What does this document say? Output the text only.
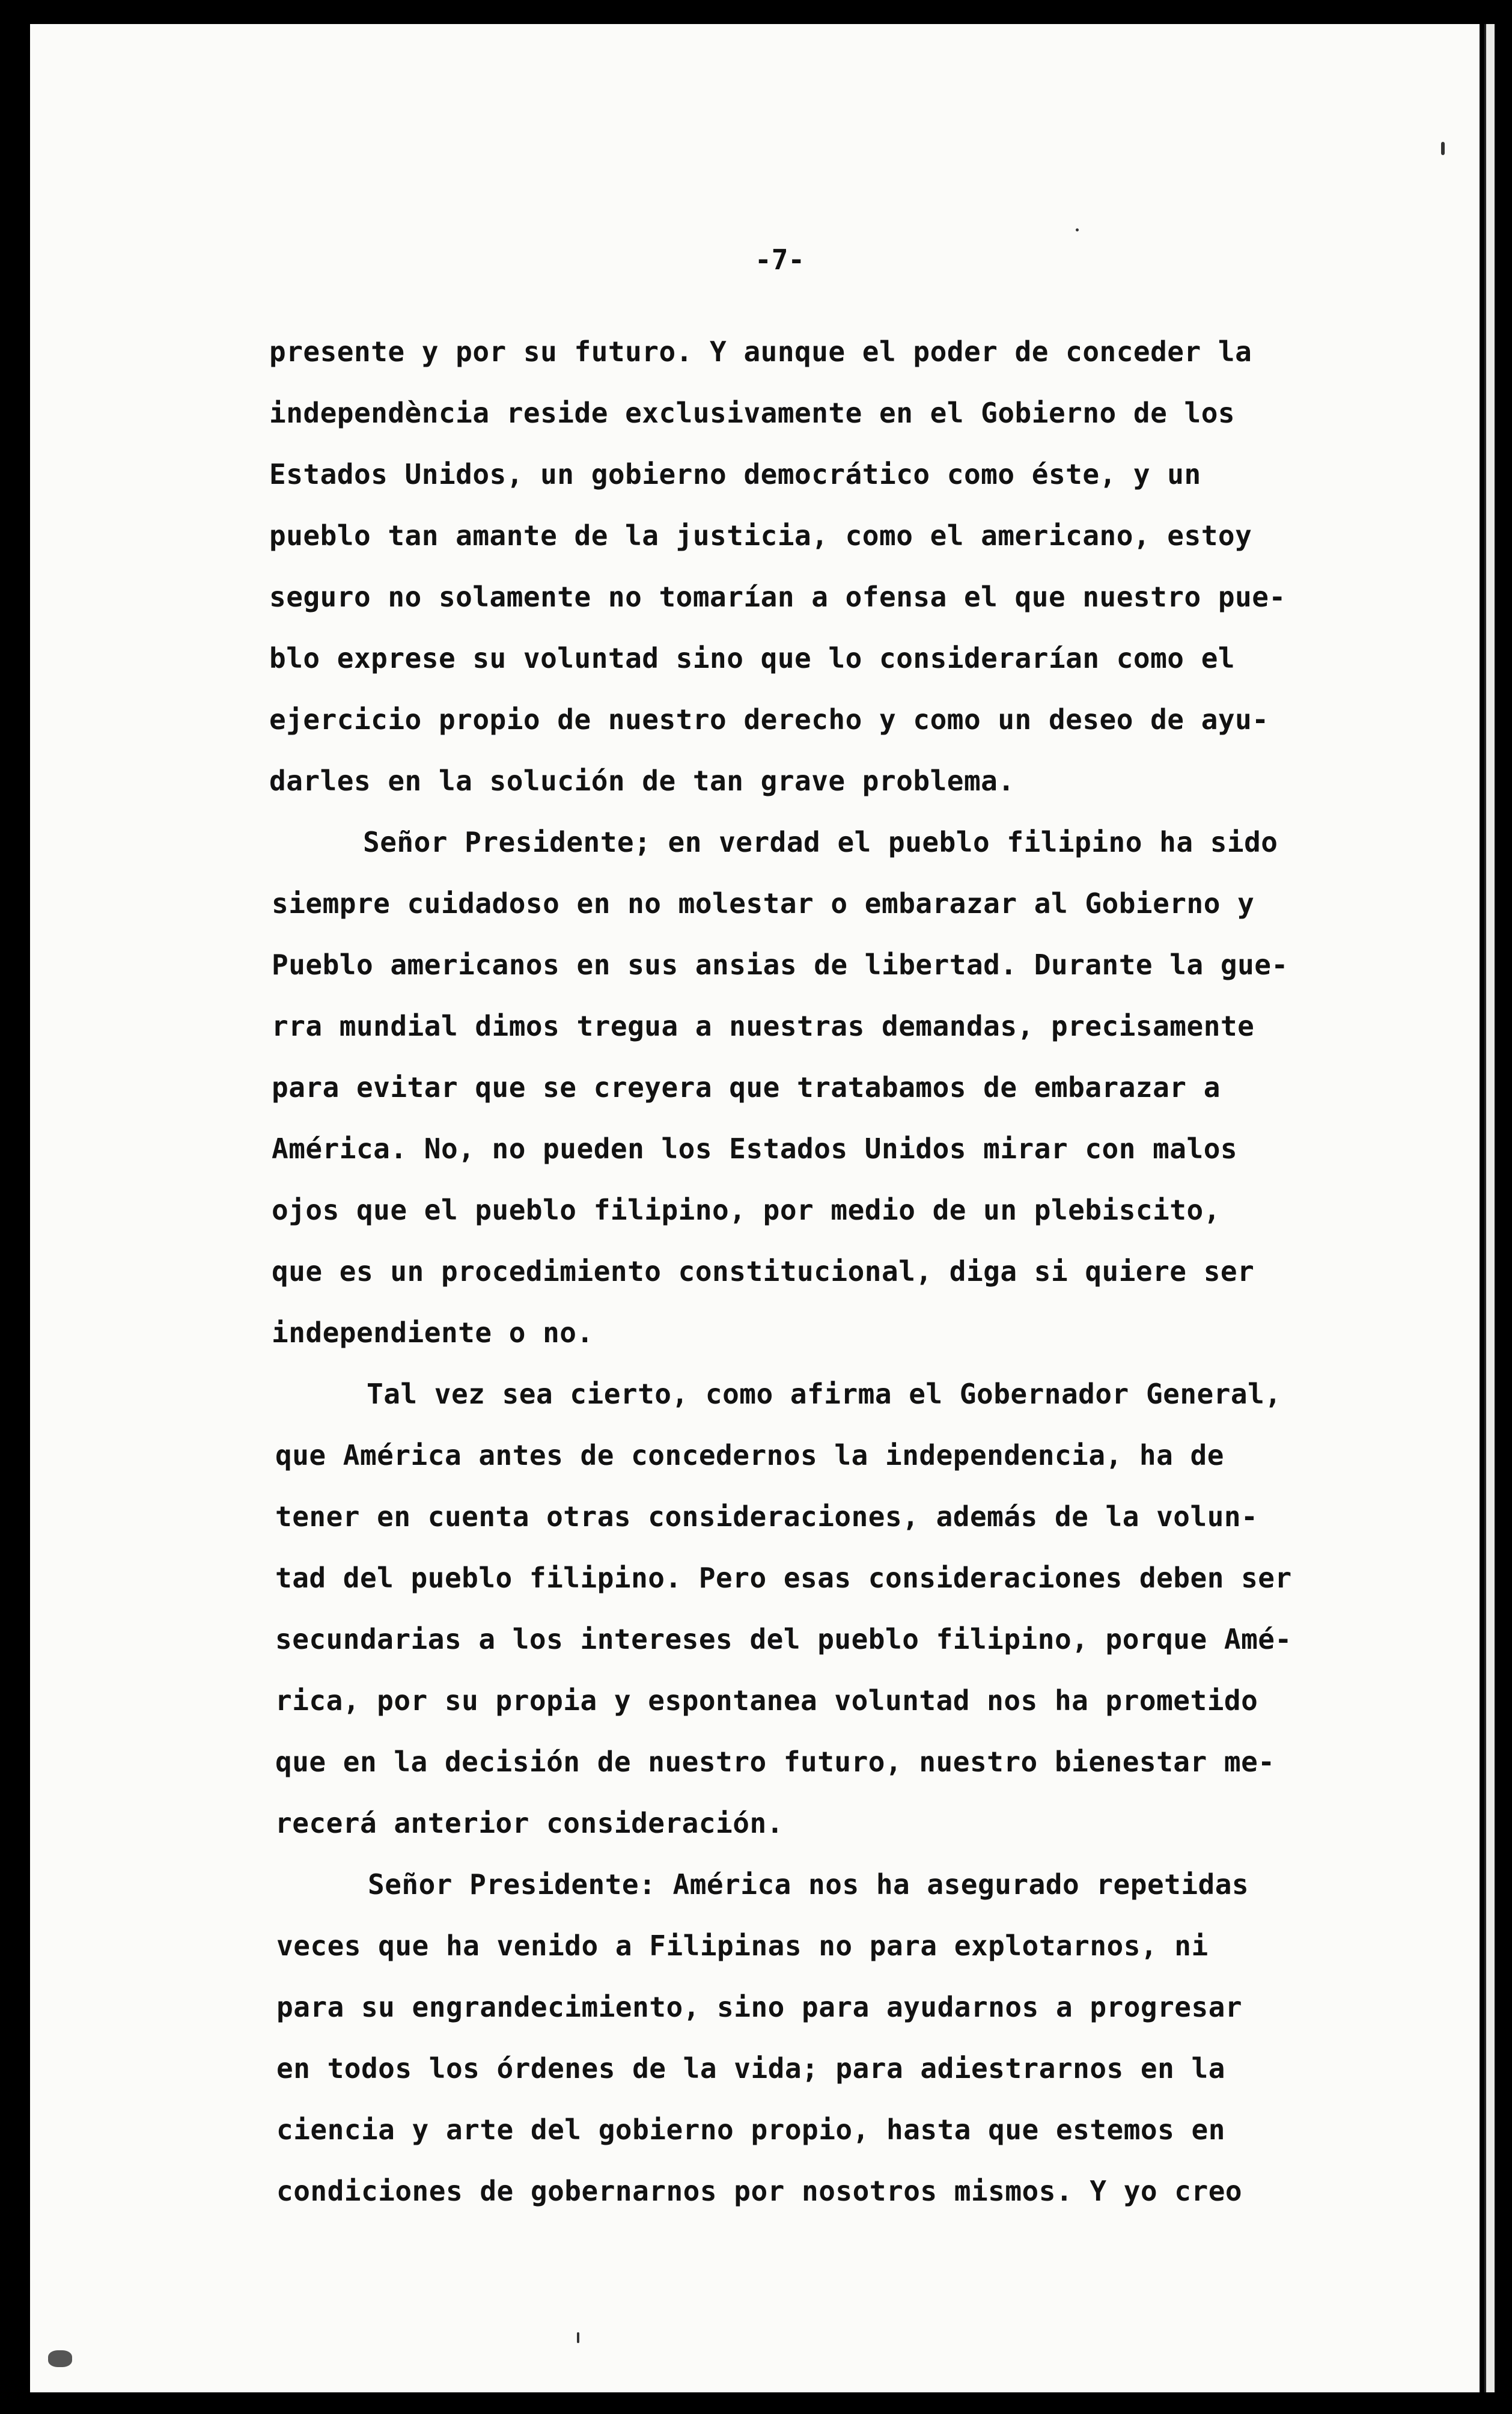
-7-
presente y por su futuro. Y aunque el poder de conceder la
independència reside exclusivamente en el Gobierno de los
Estados Unidos, un gobierno democrático como éste, y un
pueblo tan amante de la justicia, como el americano, estoy
seguro no solamente no tomarían a ofensa el que nuestro pue-
blo exprese su voluntad sino que lo considerarían como el
ejercicio propio de nuestro derecho y como un deseo de ayu-
darles en la solución de tan grave problema.
Señor Presidente; en verdad el pueblo filipino ha sido
siempre cuidadoso en no molestar o embarazar al Gobierno y
Pueblo americanos en sus ansias de libertad. Durante la gue-
rra mundial dimos tregua a nuestras demandas, precisamente
para evitar que se creyera que tratabamos de embarazar a
América. No, no pueden los Estados Unidos mirar con malos
ojos que el pueblo filipino, por medio de un plebiscito,
que es un procedimiento constitucional, diga si quiere ser
independiente o no.
Tal vez sea cierto, como afirma el Gobernador General,
que América antes de concedernos la independencia, ha de
tener en cuenta otras consideraciones, además de la volun-
tad del pueblo filipino. Pero esas consideraciones deben ser
secundarias a los intereses del pueblo filipino, porque Amé-
rica, por su propia y espontanea voluntad nos ha prometido
que en la decisión de nuestro futuro, nuestro bienestar me-
recerá anterior consideración.
Señor Presidente: América nos ha asegurado repetidas
veces que ha venido a Filipinas no para explotarnos, ni
para su engrandecimiento, sino para ayudarnos a progresar
en todos los órdenes de la vida; para adiestrarnos en la
ciencia y arte del gobierno propio, hasta que estemos en
condiciones de gobernarnos por nosotros mismos. Y yo creo
